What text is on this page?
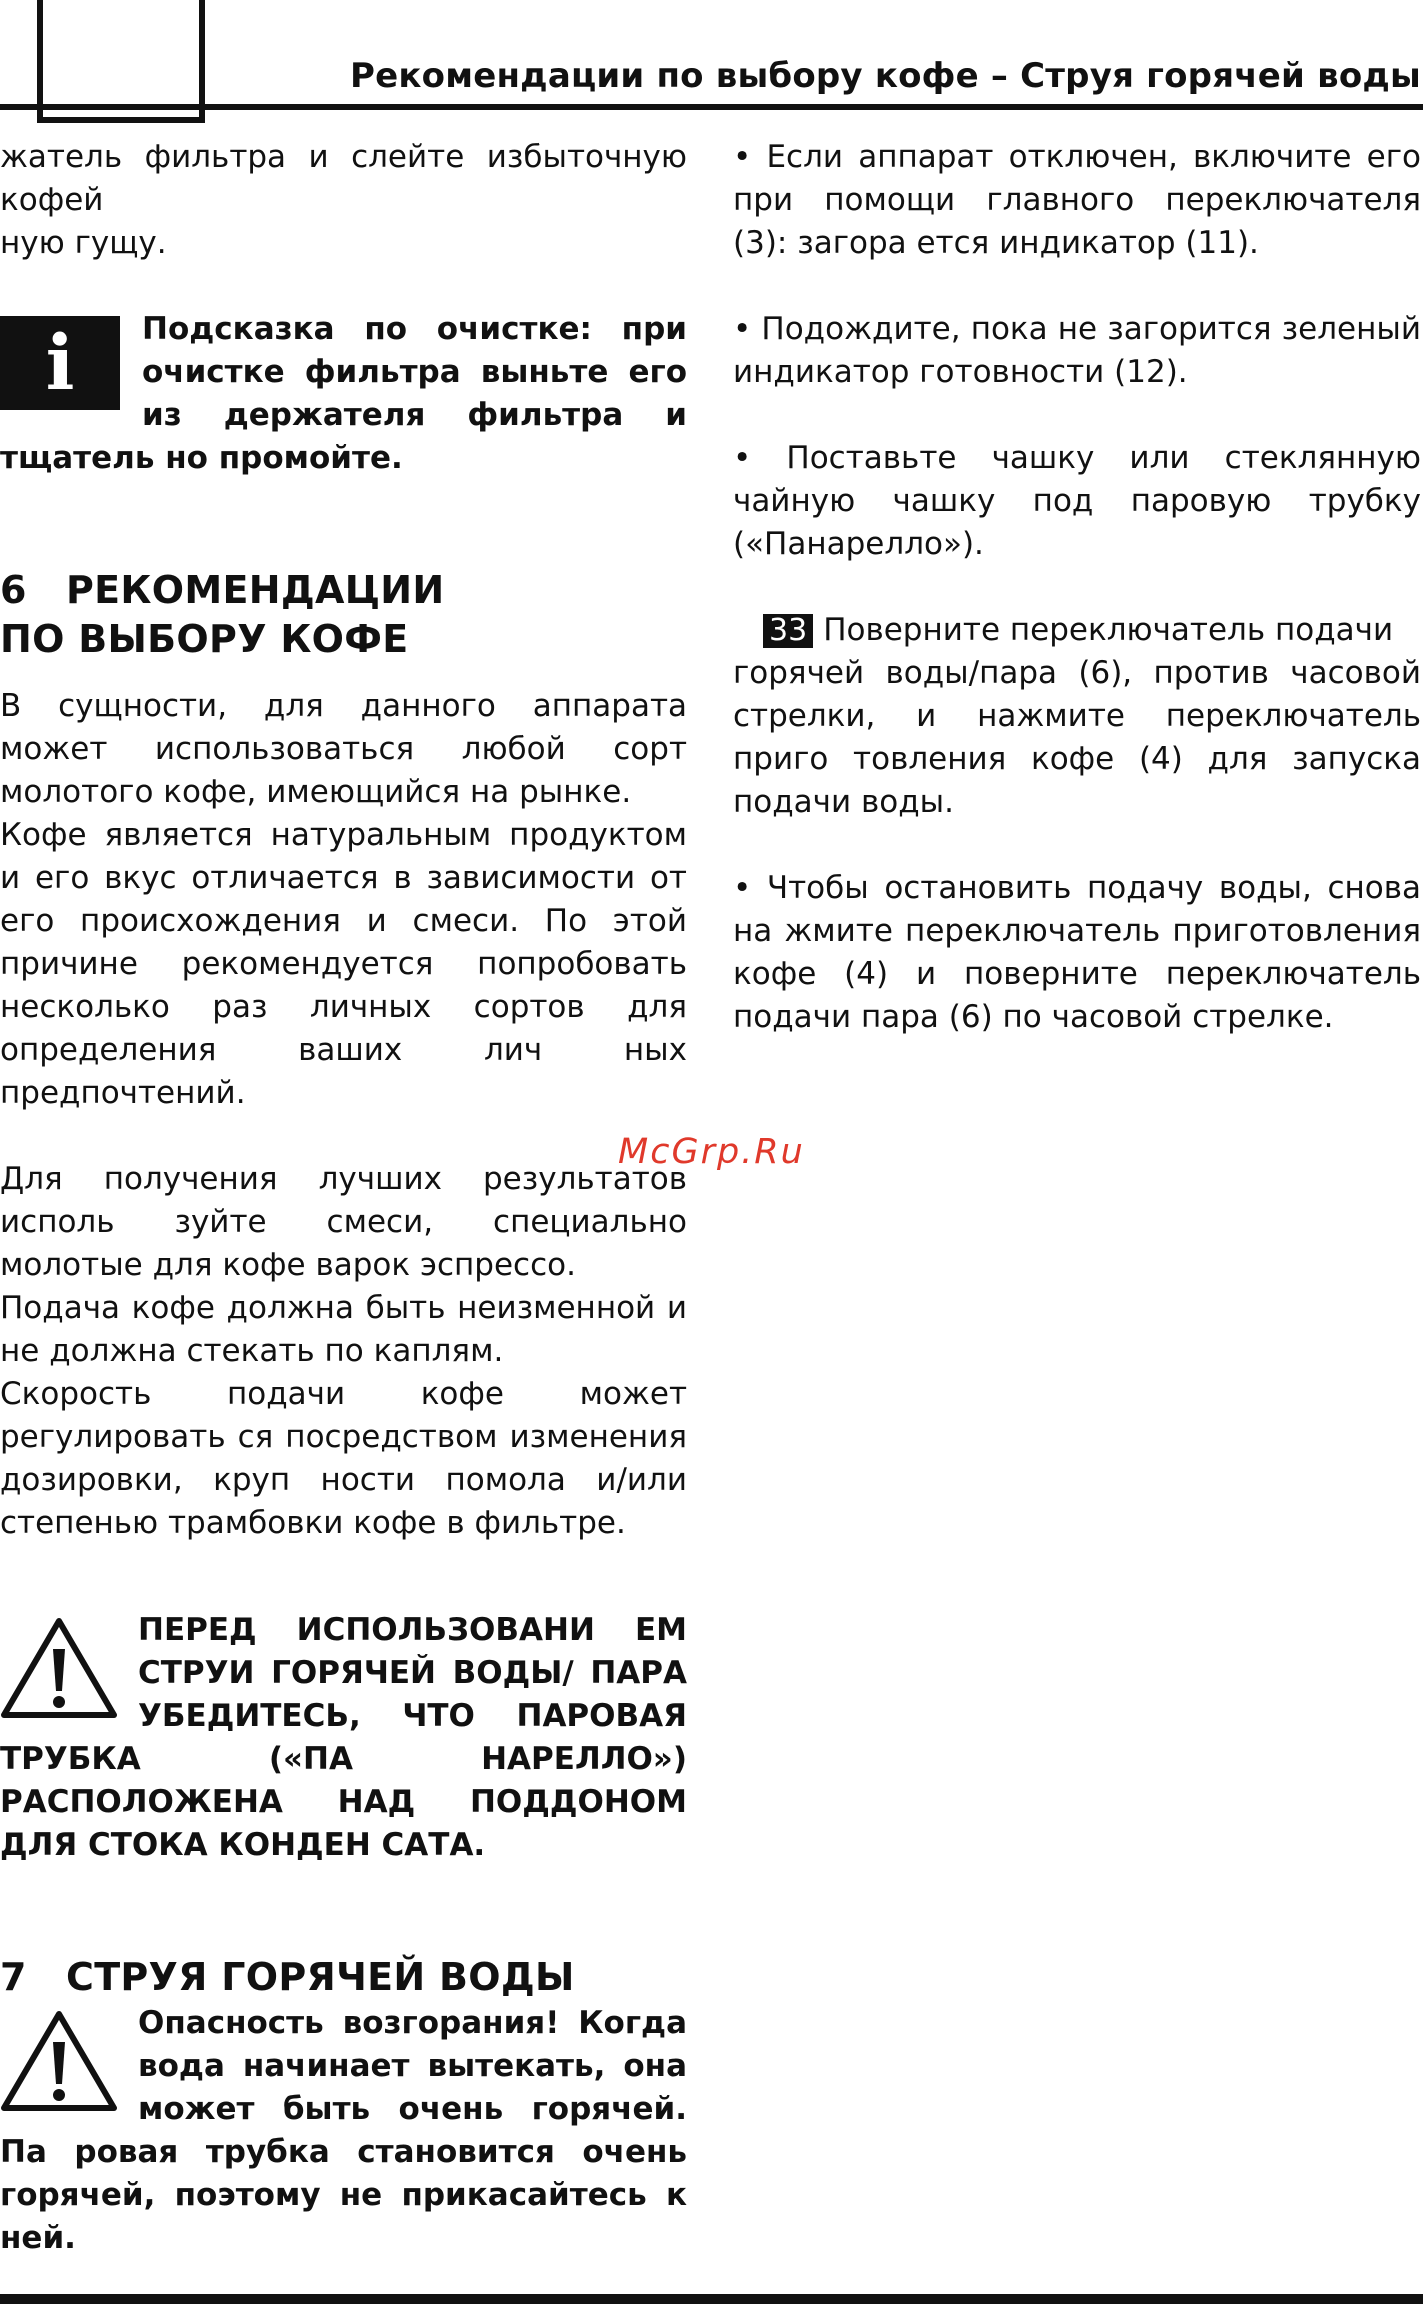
Рекомендации по выбору кофе – Струя горячей воды

жатель фильтра и слейте избыточную кофей

ную гущу.

i	Подсказка по очистке: при очистке фильтра выньте его из держателя фильтра и тщатель но промойте.

6 РЕКОМЕНДАЦИИ

ПО ВЫБОРУ КОФЕ

В сущности, для данного аппарата может использоваться любой сорт молотого кофе, имеющийся на рынке.

Кофе является натуральным продуктом и его вкус отличается в зависимости от его происхождения и смеси. По этой причине рекомендуется попробовать несколько раз личных сортов для определения ваших лич ных предпочтений.

Для получения лучших результатов исполь зуйте смеси, специально молотые для кофе варок эспрессо.

Подача кофе должна быть неизменной и не должна стекать по каплям.

Скорость подачи кофе может регулировать ся посредством изменения дозировки, круп ности помола и/или степенью трамбовки кофе в фильтре.

ПЕРЕД ИСПОЛЬЗОВАНИ ЕМ СТРУИ ГОРЯЧЕЙ ВОДЫ/ ПАРА УБЕДИТЕСЬ, ЧТО ПАРОВАЯ ТРУБКА («ПА НАРЕЛЛО») РАСПОЛОЖЕНА НАД ПОДДОНОМ ДЛЯ СТОКА КОНДЕН САТА.

7 СТРУЯ ГОРЯЧЕЙ ВОДЫ

Опасность возгорания! Когда вода начинает вытекать, она может быть очень горячей. Па ровая трубка становится очень горячей, поэтому не прикасайтесь к ней.

• Если аппарат отключен, включите его при помощи главного переключателя (3): загора ется индикатор (11).

• Подождите, пока не загорится зеленый индикатор готовности (12).

• Поставьте чашку или стеклянную чайную чашку под паровую трубку («Панарелло»).

33 Поверните переключатель подачи

горячей воды/пара (6), против часовой стрелки, и нажмите переключатель приго товления кофе (4) для запуска подачи воды.

• Чтобы остановить подачу воды, снова на жмите переключатель приготовления кофе (4) и поверните переключатель подачи пара (6) по часовой стрелке.

McGrp.Ru
